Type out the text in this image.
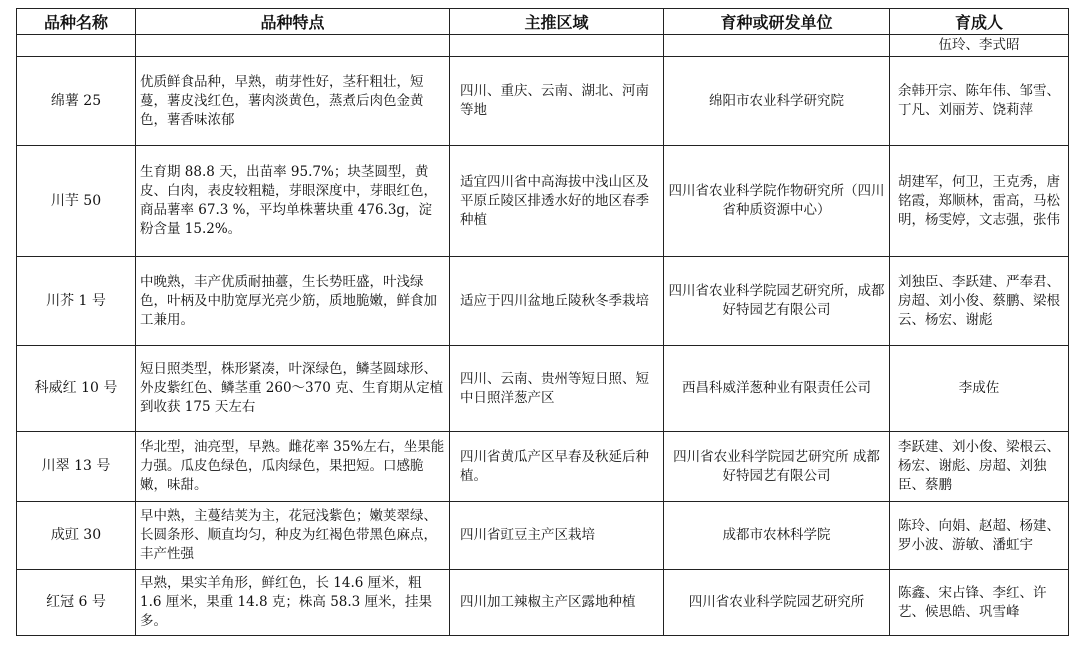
品种名称	品种特点	主推区域	育种或研发单位	育成人
				伍玲、李式昭
绵薯 25	优质鲜食品种，早熟，萌芽性好，茎秆粗壮，短蔓，薯皮浅红色，薯肉淡黄色，蒸煮后肉色金黄色，薯香味浓郁	四川、重庆、云南、湖北、河南等地	绵阳市农业科学研究院	余韩开宗、陈年伟、邹雪、丁凡、刘丽芳、饶莉萍
川芋 50	生育期 88.8 天，出苗率 95.7%；块茎圆型，黄皮、白肉，表皮较粗糙，芽眼深度中，芽眼红色，商品薯率 67.3 %，平均单株薯块重 476.3g，淀粉含量 15.2%。	适宜四川省中高海拔中浅山区及平原丘陵区排透水好的地区春季种植	四川省农业科学院作物研究所（四川省种质资源中心）	胡建军，何卫，王克秀，唐铭霞，郑顺林，雷高，马松明，杨雯婷，文志强，张伟
川芥 1 号	中晚熟，丰产优质耐抽薹，生长势旺盛，叶浅绿色，叶柄及中肋宽厚光亮少筋，质地脆嫩，鲜食加工兼用。	适应于四川盆地丘陵秋冬季栽培	四川省农业科学院园艺研究所，成都好特园艺有限公司	刘独臣、李跃建、严奉君、房超、刘小俊、蔡鹏、梁根云、杨宏、谢彪
科威红 10 号	短日照类型，株形紧凑，叶深绿色，鳞茎圆球形、外皮紫红色、鳞茎重 260～370 克、生育期从定植到收获 175 天左右	四川、云南、贵州等短日照、短中日照洋葱产区	西昌科威洋葱种业有限责任公司	李成佐
川翠 13 号	华北型，油亮型，早熟。雌花率 35%左右，坐果能力强。瓜皮色绿色，瓜肉绿色，果把短。口感脆嫩，味甜。	四川省黄瓜产区早春及秋延后种植。	四川省农业科学院园艺研究所 成都好特园艺有限公司	李跃建、刘小俊、梁根云、杨宏、谢彪、房超、刘独臣、蔡鹏
成豇 30	早中熟，主蔓结荚为主，花冠浅紫色；嫩荚翠绿、长圆条形、顺直均匀，种皮为红褐色带黑色麻点，丰产性强	四川省豇豆主产区栽培	成都市农林科学院	陈玲、向娟、赵超、杨建、罗小波、游敏、潘虹宇
红冠 6 号	早熟，果实羊角形，鲜红色，长 14.6 厘米，粗 1.6 厘米，果重 14.8 克；株高 58.3 厘米，挂果多。	四川加工辣椒主产区露地种植	四川省农业科学院园艺研究所	陈鑫、宋占锋、李红、许艺、候思皓、巩雪峰
